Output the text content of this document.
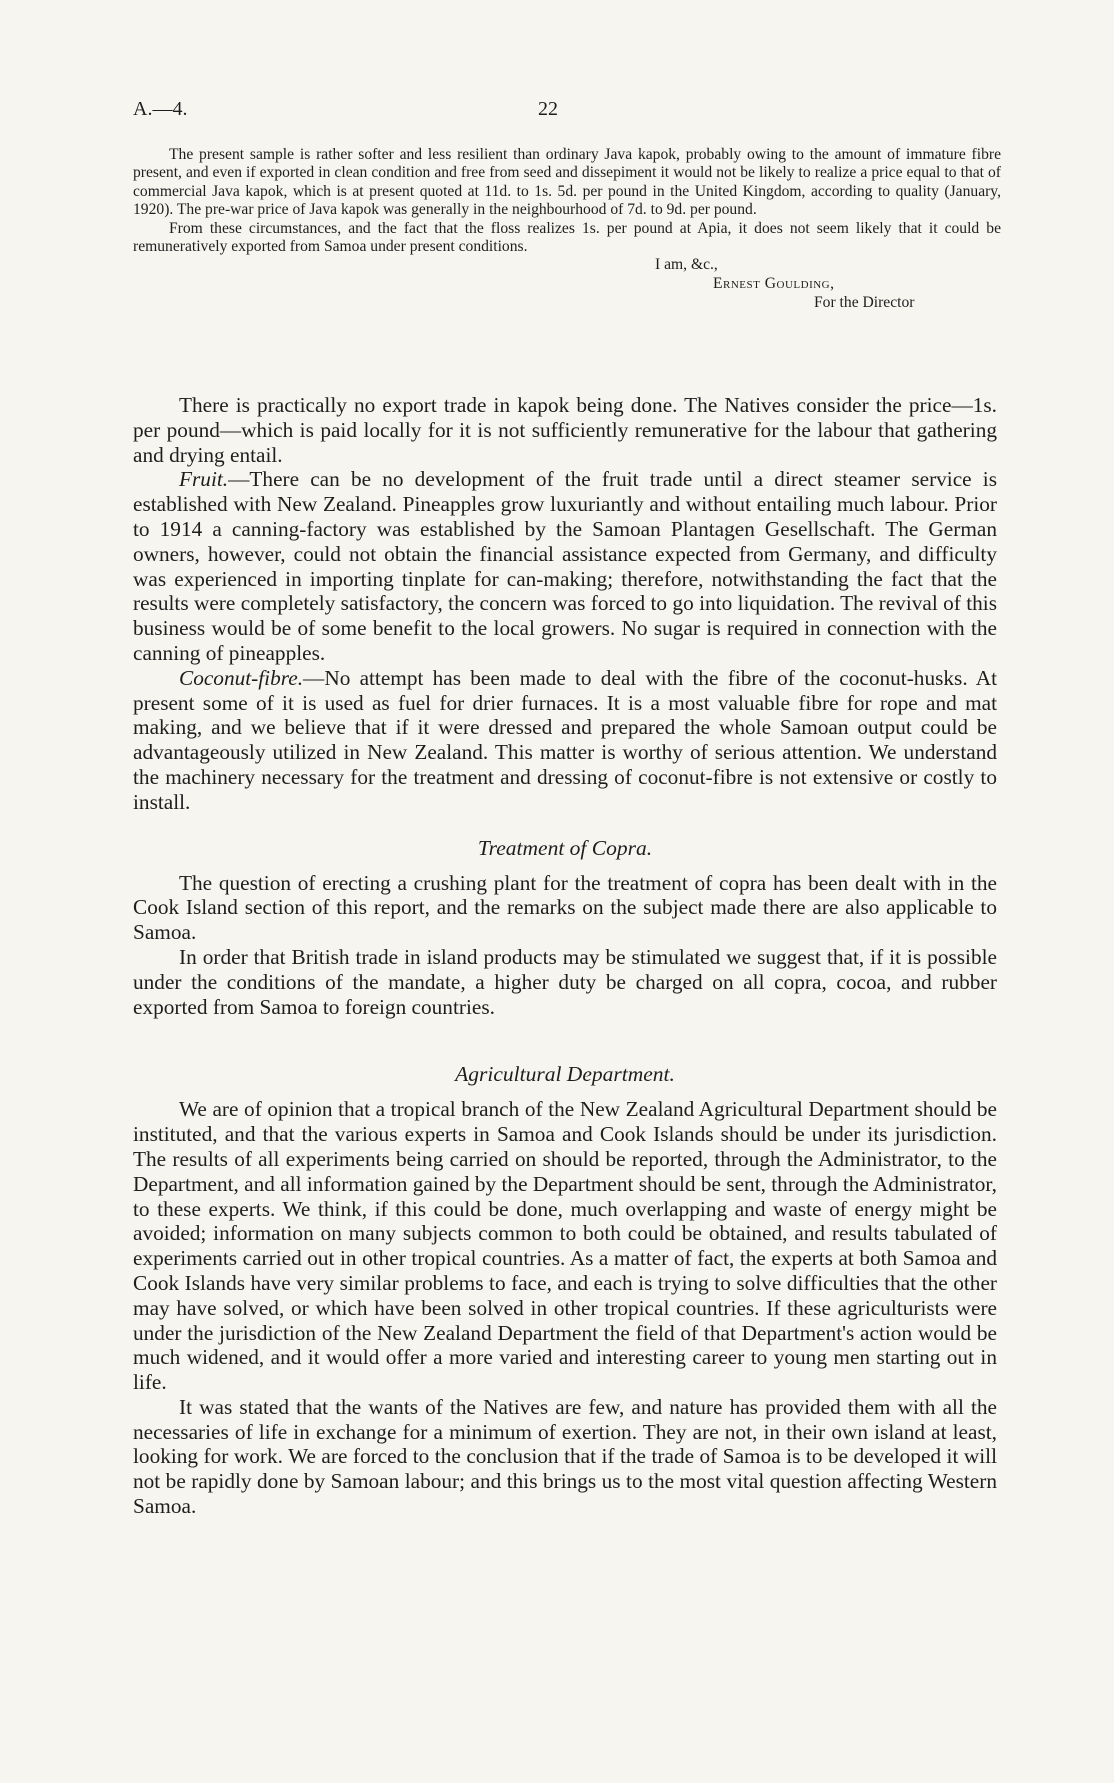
A.—4.	22

The present sample is rather softer and less resilient than ordinary Java kapok, probably owing to the amount of immature fibre present, and even if exported in clean condition and free from seed and dissepiment it would not be likely to realize a price equal to that of commercial Java kapok, which is at present quoted at 11d. to 1s. 5d. per pound in the United Kingdom, according to quality (January, 1920). The pre-war price of Java kapok was generally in the neighbourhood of 7d. to 9d. per pound.

From these circumstances, and the fact that the floss realizes 1s. per pound at Apia, it does not seem likely that it could be remuneratively exported from Samoa under present conditions.

I am, &c.,
Ernest Goulding,
For the Director

There is practically no export trade in kapok being done. The Natives consider the price—1s. per pound—which is paid locally for it is not sufficiently remunerative for the labour that gathering and drying entail.

Fruit.—There can be no development of the fruit trade until a direct steamer service is established with New Zealand. Pineapples grow luxuriantly and without entailing much labour. Prior to 1914 a canning-factory was established by the Samoan Plantagen Gesellschaft. The German owners, however, could not obtain the financial assistance expected from Germany, and difficulty was experienced in importing tinplate for can-making; therefore, notwithstanding the fact that the results were completely satisfactory, the concern was forced to go into liquidation. The revival of this business would be of some benefit to the local growers. No sugar is required in connection with the canning of pineapples.

Coconut-fibre.—No attempt has been made to deal with the fibre of the coconut-husks. At present some of it is used as fuel for drier furnaces. It is a most valuable fibre for rope and mat making, and we believe that if it were dressed and prepared the whole Samoan output could be advantageously utilized in New Zealand. This matter is worthy of serious attention. We understand the machinery necessary for the treatment and dressing of coconut-fibre is not extensive or costly to install.

Treatment of Copra.

The question of erecting a crushing plant for the treatment of copra has been dealt with in the Cook Island section of this report, and the remarks on the subject made there are also applicable to Samoa.

In order that British trade in island products may be stimulated we suggest that, if it is possible under the conditions of the mandate, a higher duty be charged on all copra, cocoa, and rubber exported from Samoa to foreign countries.

Agricultural Department.

We are of opinion that a tropical branch of the New Zealand Agricultural Department should be instituted, and that the various experts in Samoa and Cook Islands should be under its jurisdiction. The results of all experiments being carried on should be reported, through the Administrator, to the Department, and all information gained by the Department should be sent, through the Administrator, to these experts. We think, if this could be done, much overlapping and waste of energy might be avoided; information on many subjects common to both could be obtained, and results tabulated of experiments carried out in other tropical countries. As a matter of fact, the experts at both Samoa and Cook Islands have very similar problems to face, and each is trying to solve difficulties that the other may have solved, or which have been solved in other tropical countries. If these agriculturists were under the jurisdiction of the New Zealand Department the field of that Department's action would be much widened, and it would offer a more varied and interesting career to young men starting out in life.

It was stated that the wants of the Natives are few, and nature has provided them with all the necessaries of life in exchange for a minimum of exertion. They are not, in their own island at least, looking for work. We are forced to the conclusion that if the trade of Samoa is to be developed it will not be rapidly done by Samoan labour; and this brings us to the most vital question affecting Western Samoa.
